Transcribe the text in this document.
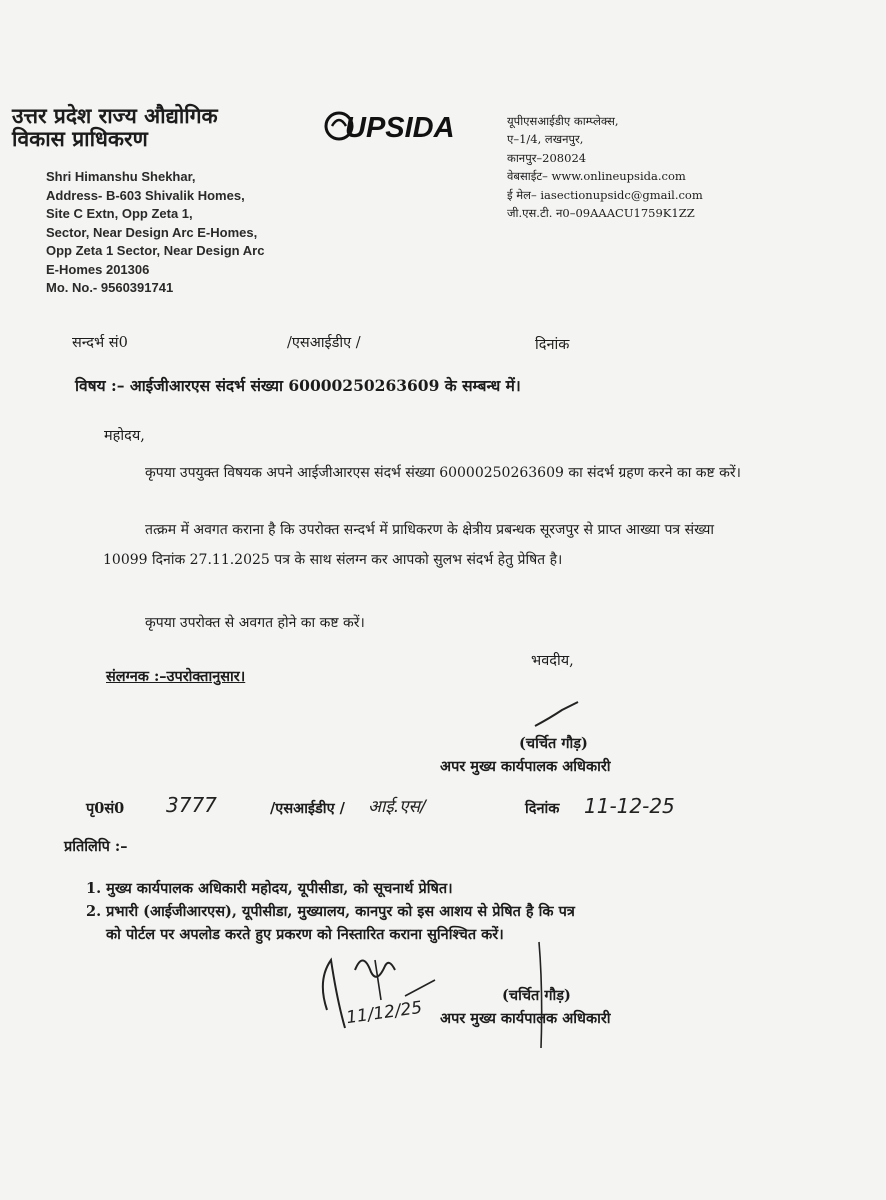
उत्तर प्रदेश राज्य औद्योगिक
विकास प्राधिकरण	UPSIDA	यूपीएसआईडीए काम्प्लेक्स,
ए–1/4, लखनपुर,
कानपुर–208024
वेबसाईट– www.onlineupsida.com
ई मेल– iasectionupsidc@gmail.com
जी.एस.टी. न0–09AAACU1759K1ZZ
Shri Himanshu Shekhar,
Address- B-603 Shivalik Homes,
Site C Extn, Opp Zeta 1,
Sector, Near Design Arc E-Homes,
Opp Zeta 1 Sector, Near Design Arc
E-Homes 201306
Mo. No.- 9560391741
सन्दर्भ सं0	/एसआईडीए /	दिनांक
विषय :– आईजीआरएस संदर्भ संख्या 60000250263609 के सम्बन्ध में।
महोदय,
कृपया उपयुक्त विषयक अपने आईजीआरएस संदर्भ संख्या 60000250263609 का संदर्भ ग्रहण करने का कष्ट करें।
तत्क्रम में अवगत कराना है कि उपरोक्त सन्दर्भ में प्राधिकरण के क्षेत्रीय प्रबन्धक सूरजपुर से प्राप्त आख्या पत्र संख्या 10099 दिनांक 27.11.2025 पत्र के साथ संलग्न कर आपको सुलभ संदर्भ हेतु प्रेषित है।
कृपया उपरोक्त से अवगत होने का कष्ट करें।
भवदीय,
संलग्नक :–उपरोक्तानुसार।
(चर्चित गौड़)
अपर मुख्य कार्यपालक अधिकारी
पृ0सं0 3777	/एसआईडीए / आई.एस/	दिनांक 11-12-25
प्रतिलिपि :–
1. मुख्य कार्यपालक अधिकारी महोदय, यूपीसीडा, को सूचनार्थ प्रेषित।
2. प्रभारी (आईजीआरएस), यूपीसीडा, मुख्यालय, कानपुर को इस आशय से प्रेषित है कि पत्र
को पोर्टल पर अपलोड करते हुए प्रकरण को निस्तारित कराना सुनिश्चित करें।
11/12/25
(चर्चित गौड़)
अपर मुख्य कार्यपालक अधिकारी
